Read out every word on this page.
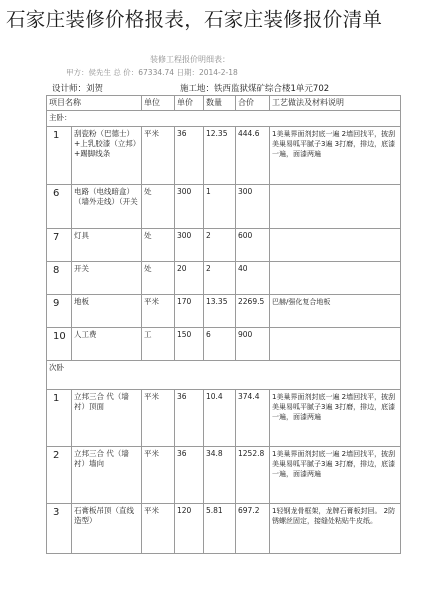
石家庄装修价格报表，石家庄装修报价清单
装修工程报价明细表：
甲方：侯先生 总 价：67334.74 日期：2014-2-18
设计师：刘贺	施工地：铁西监狱煤矿综合楼1单元702
项目名称		单位	单价	数量	合价	工艺做法及材料说明
主卧：						
1	刮瓷粉（巴德士）+上乳胶漆（立邦）+踢脚线条	平米	36	12.35	444.6	1美巢界面剂封底一遍 2墙回找平，披刮美巢易呱平腻子3遍 3打磨，排边，底漆一遍，面漆两遍
6	电路（电线暗盒）（墙外走线）（开关	处	300	1	300	
7	灯具	处	300	2	600	
8	开关	处	20	2	40	
9	地板	平米	170	13.35	2269.5	巴赫/强化复合地板
10	人工费	工	150	6	900	
次卧						
1	立邦三合 代（墙衬）顶面	平米	36	10.4	374.4	1美巢界面剂封底一遍 2墙回找平，披刮美巢易呱平腻子3遍 3打磨，排边，底漆一遍，面漆两遍
2	立邦三合 代（墙衬）墙向	平米	36	34.8	1252.8	1美巢界面剂封底一遍 2墙回找平，披刮美巢易呱平腻子3遍 3打磨，排边，底漆一遍，面漆两遍
3	石膏板吊顶（直线造型）	平米	120	5.81	697.2	1轻钢龙骨框架，龙牌石膏板封回。 2防锈螺丝固定，接缝处粘贴牛皮纸。
